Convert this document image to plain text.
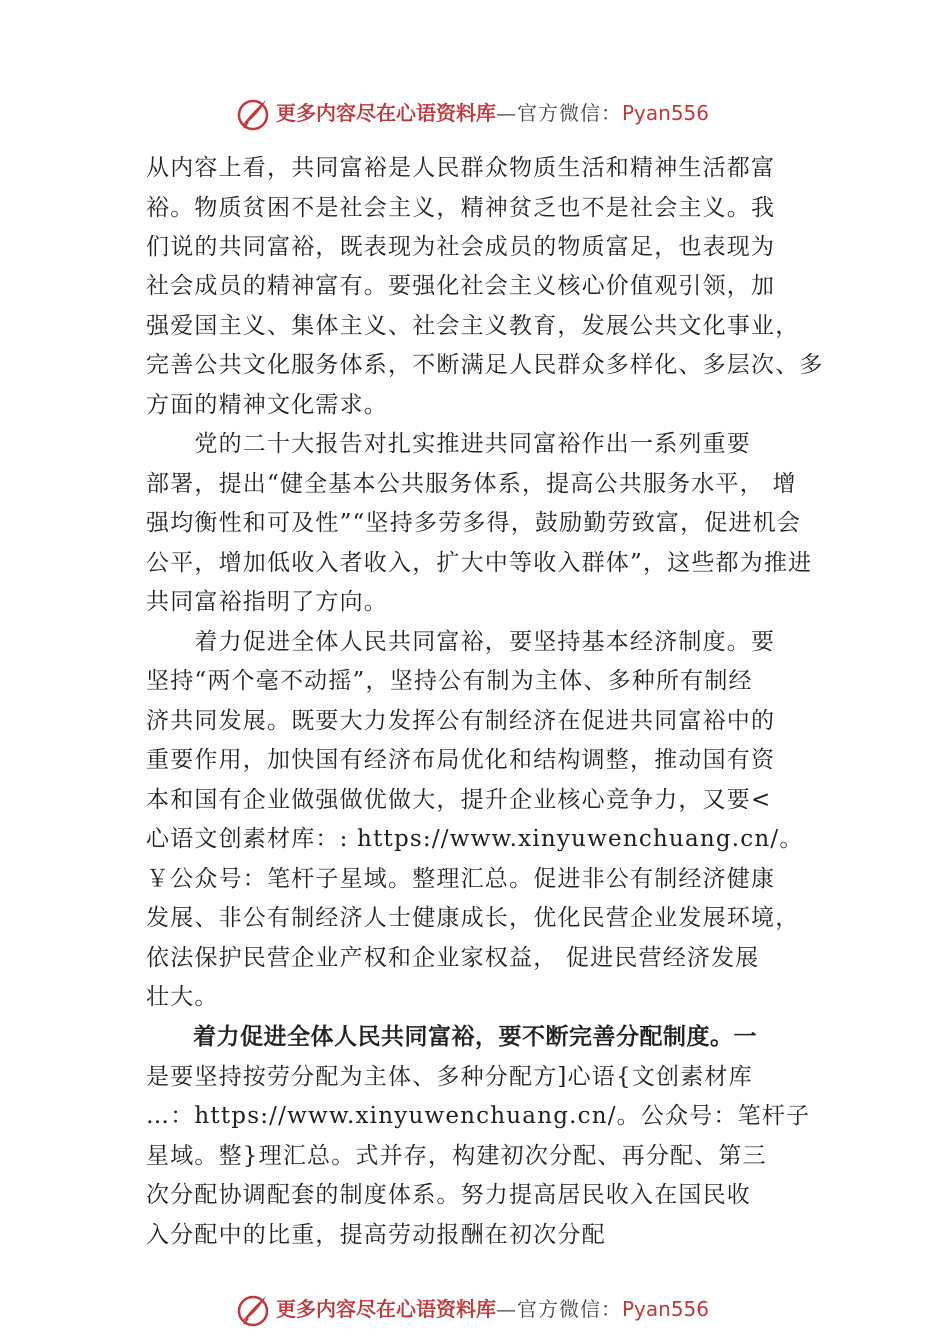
更多内容尽在心语资料库—官方微信：Pyan556
从内容上看，共同富裕是人民群众物质生活和精神生活都富
裕。物质贫困不是社会主义，精神贫乏也不是社会主义。我
们说的共同富裕，既表现为社会成员的物质富足，也表现为
社会成员的精神富有。要强化社会主义核心价值观引领，加
强爱国主义、集体主义、社会主义教育，发展公共文化事业，
完善公共文化服务体系，不断满足人民群众多样化、多层次、多
方面的精神文化需求。
　　党的二十大报告对扎实推进共同富裕作出一系列重要
部署，提出“健全基本公共服务体系，提高公共服务水平， 增
强均衡性和可及性”“坚持多劳多得，鼓励勤劳致富，促进机会
公平，增加低收入者收入，扩大中等收入群体”，这些都为推进
共同富裕指明了方向。
　　着力促进全体人民共同富裕，要坚持基本经济制度。要
坚持“两个毫不动摇”，坚持公有制为主体、多种所有制经
济共同发展。既要大力发挥公有制经济在促进共同富裕中的
重要作用，加快国有经济布局优化和结构调整，推动国有资
本和国有企业做强做优做大，提升企业核心竞争力，又要<
心语文创素材库：: https://www.xinyuwenchuang.cn/。
￥公众号：笔杆子星域。整理汇总。促进非公有制经济健康
发展、非公有制经济人士健康成长，优化民营企业发展环境，
依法保护民营企业产权和企业家权益， 促进民营经济发展
壮大。
　　着力促进全体人民共同富裕，要不断完善分配制度。一
是要坚持按劳分配为主体、多种分配方]心语{文创素材库
…：https://www.xinyuwenchuang.cn/。公众号：笔杆子
星域。整}理汇总。式并存，构建初次分配、再分配、第三
次分配协调配套的制度体系。努力提高居民收入在国民收
入分配中的比重，提高劳动报酬在初次分配
更多内容尽在心语资料库—官方微信：Pyan556
